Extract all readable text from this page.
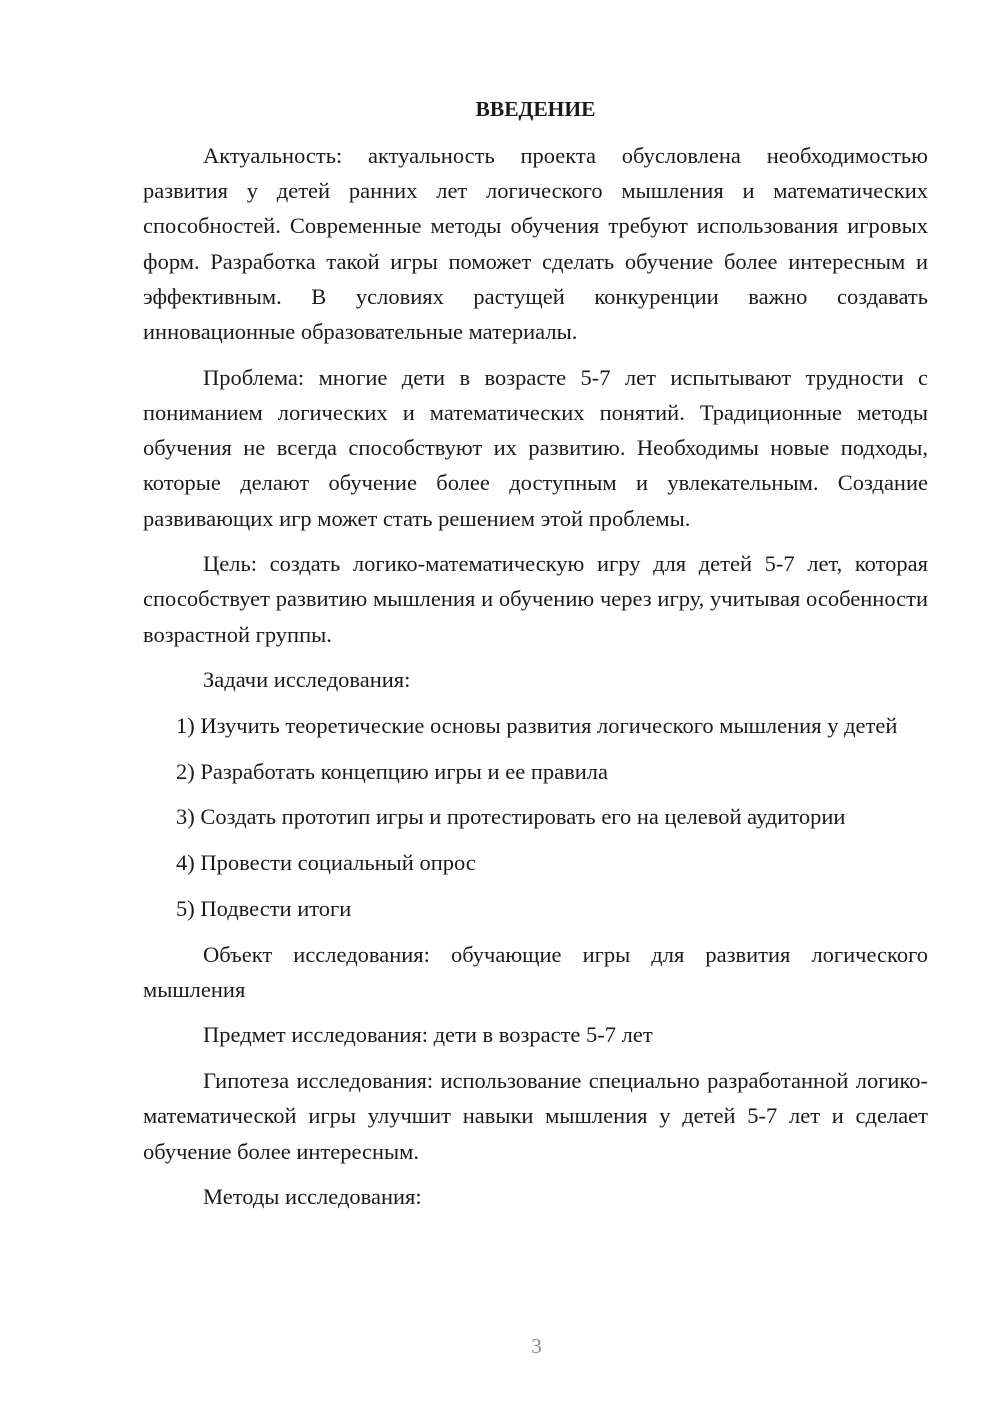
ВВЕДЕНИЕ

Актуальность: актуальность проекта обусловлена необходимостью развития у детей ранних лет логического мышления и математических способностей. Современные методы обучения требуют использования игровых форм. Разработка такой игры поможет сделать обучение более интересным и эффективным. В условиях растущей конкуренции важно создавать инновационные образовательные материалы.

Проблема: многие дети в возрасте 5-7 лет испытывают трудности с пониманием логических и математических понятий. Традиционные методы обучения не всегда способствуют их развитию. Необходимы новые подходы, которые делают обучение более доступным и увлекательным. Создание развивающих игр может стать решением этой проблемы.

Цель: создать логико-математическую игру для детей 5-7 лет, которая способствует развитию мышления и обучению через игру, учитывая особенности возрастной группы.

Задачи исследования:

1) Изучить теоретические основы развития логического мышления у детей

2) Разработать концепцию игры и ее правила

3) Создать прототип игры и протестировать его на целевой аудитории

4) Провести социальный опрос

5) Подвести итоги

Объект исследования: обучающие игры для развития логического мышления

Предмет исследования: дети в возрасте 5-7 лет

Гипотеза исследования: использование специально разработанной логико-математической игры улучшит навыки мышления у детей 5-7 лет и сделает обучение более интересным.

Методы исследования:

3
